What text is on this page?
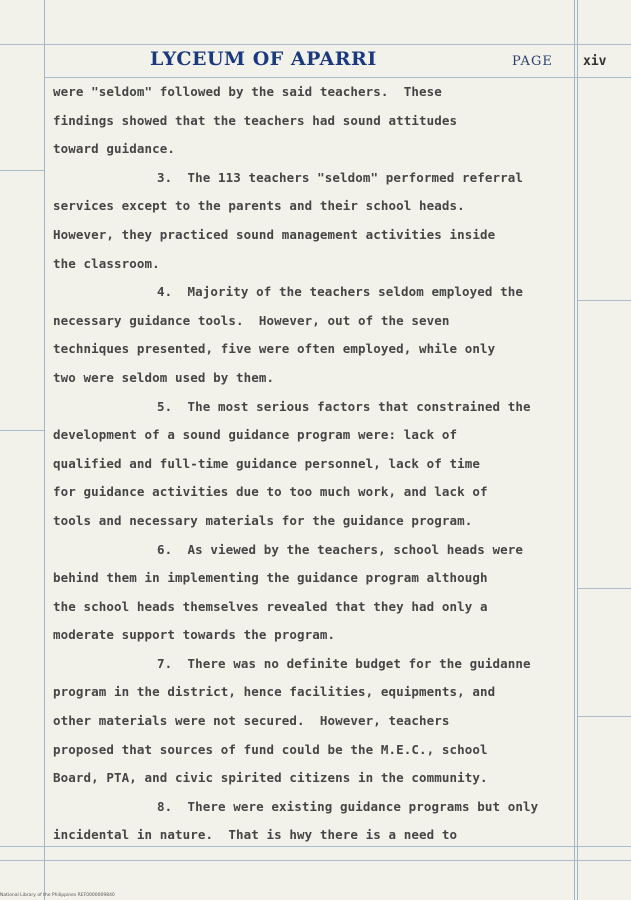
LYCEUM OF APARRI	PAGE xiv
were "seldom" followed by the said teachers.  These
findings showed that the teachers had sound attitudes
toward guidance.
3.  The 113 teachers "seldom" performed referral
services except to the parents and their school heads.
However, they practiced sound management activities inside
the classroom.
4.  Majority of the teachers seldom employed the
necessary guidance tools.  However, out of the seven
techniques presented, five were often employed, while only
two were seldom used by them.
5.  The most serious factors that constrained the
development of a sound guidance program were: lack of
qualified and full-time guidance personnel, lack of time
for guidance activities due to too much work, and lack of
tools and necessary materials for the guidance program.
6.  As viewed by the teachers, school heads were
behind them in implementing the guidance program although
the school heads themselves revealed that they had only a
moderate support towards the program.
7.  There was no definite budget for the guidanne
program in the district, hence facilities, equipments, and
other materials were not secured.  However, teachers
proposed that sources of fund could be the M.E.C., school
Board, PTA, and civic spirited citizens in the community.
8.  There were existing guidance programs but only
incidental in nature.  That is hwy there is a need to
National Library of the Philippines REF0000009840
